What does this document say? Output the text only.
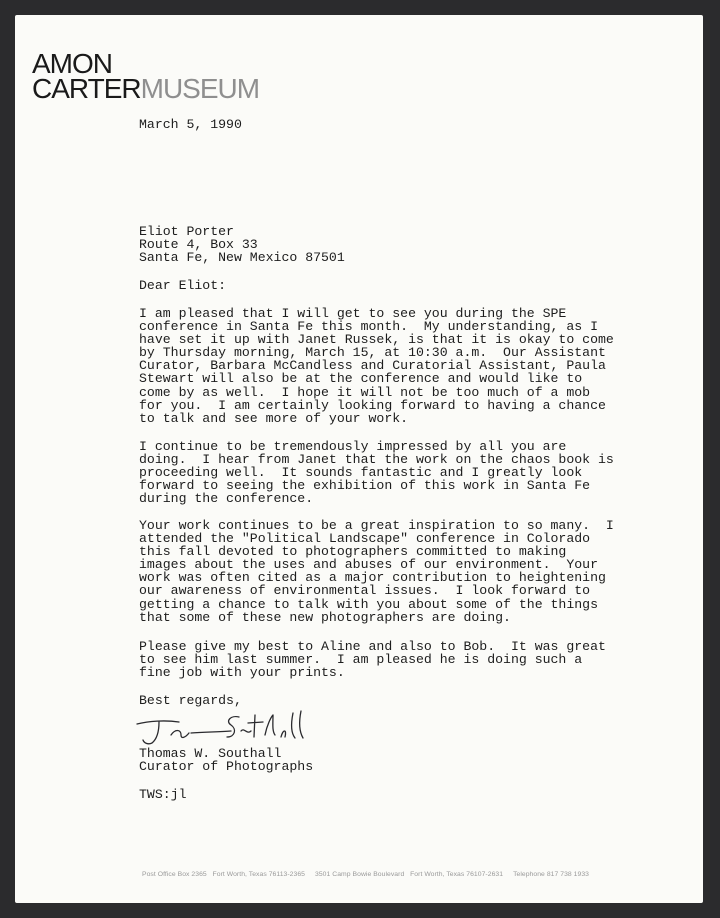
AMON
CARTERMUSEUM
March 5, 1990
Eliot Porter
Route 4, Box 33
Santa Fe, New Mexico 87501
Dear Eliot:
I am pleased that I will get to see you during the SPE
conference in Santa Fe this month.  My understanding, as I
have set it up with Janet Russek, is that it is okay to come
by Thursday morning, March 15, at 10:30 a.m.  Our Assistant
Curator, Barbara McCandless and Curatorial Assistant, Paula
Stewart will also be at the conference and would like to
come by as well.  I hope it will not be too much of a mob
for you.  I am certainly looking forward to having a chance
to talk and see more of your work.
I continue to be tremendously impressed by all you are
doing.  I hear from Janet that the work on the chaos book is
proceeding well.  It sounds fantastic and I greatly look
forward to seeing the exhibition of this work in Santa Fe
during the conference.
Your work continues to be a great inspiration to so many.  I
attended the "Political Landscape" conference in Colorado
this fall devoted to photographers committed to making
images about the uses and abuses of our environment.  Your
work was often cited as a major contribution to heightening
our awareness of environmental issues.  I look forward to
getting a chance to talk with you about some of the things
that some of these new photographers are doing.
Please give my best to Aline and also to Bob.  It was great
to see him last summer.  I am pleased he is doing such a
fine job with your prints.
Best regards,
Thomas W. Southall
Curator of Photographs
TWS:jl
Post Office Box 2365   Fort Worth, Texas 76113-2365 3501 Camp Bowie Boulevard   Fort Worth, Texas 76107-2631 Telephone 817 738 1933
